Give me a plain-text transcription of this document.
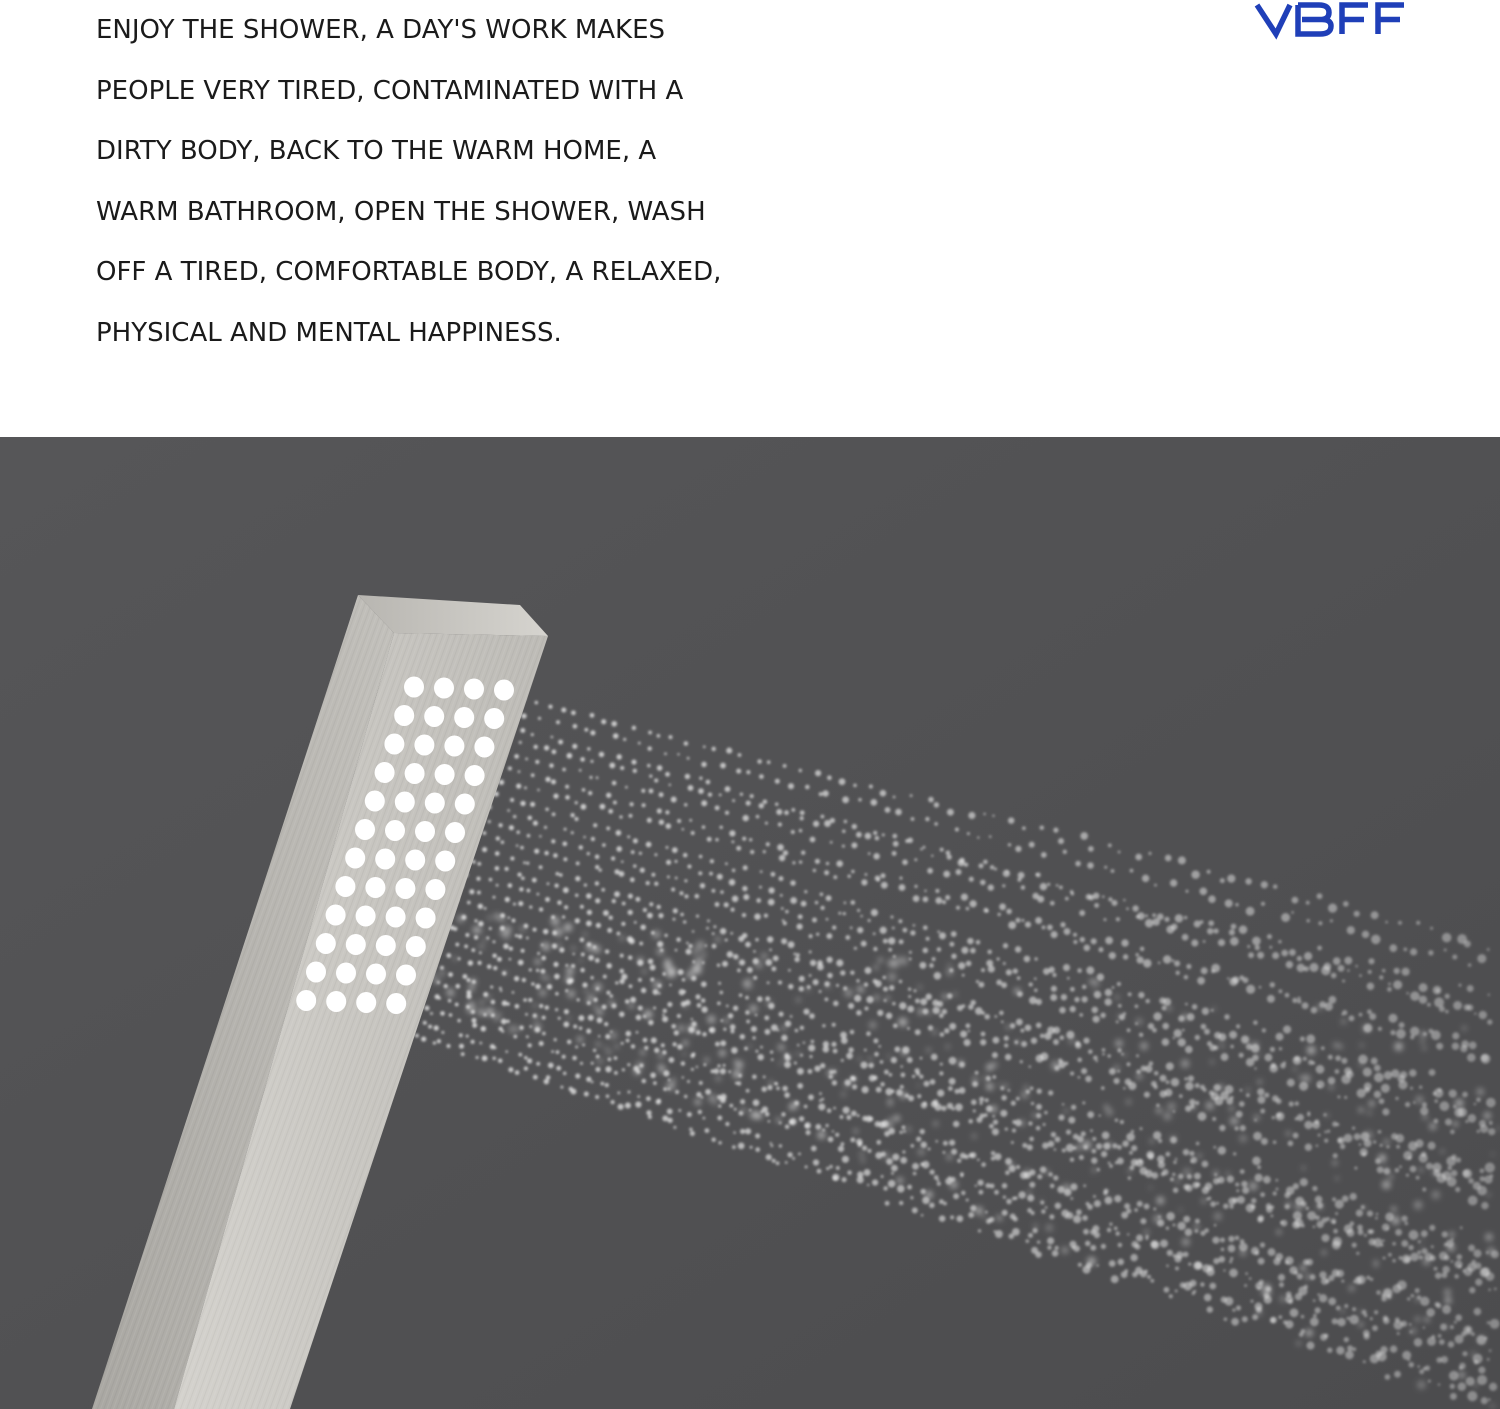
ENJOY THE SHOWER, A DAY'S WORK MAKES
PEOPLE VERY TIRED, CONTAMINATED WITH A
DIRTY BODY, BACK TO THE WARM HOME, A
WARM BATHROOM, OPEN THE SHOWER, WASH
OFF A TIRED, COMFORTABLE BODY, A RELAXED,
PHYSICAL AND MENTAL HAPPINESS.
